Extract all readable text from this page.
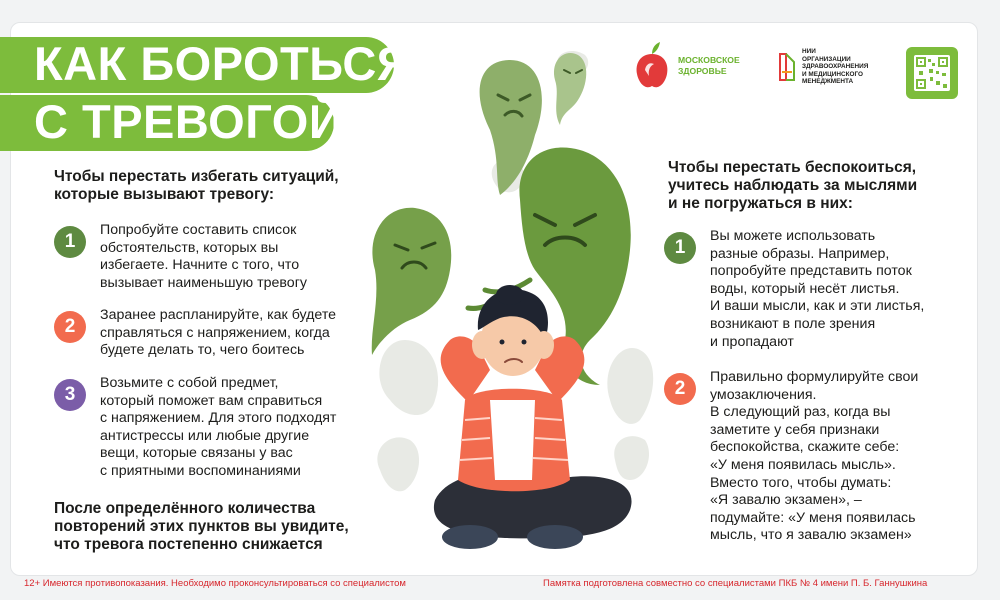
КАК БОРОТЬСЯ
С ТРЕВОГОЙ
МОСКОВСКОЕ
ЗДОРОВЬЕ
НИИ
ОРГАНИЗАЦИИ
ЗДРАВООХРАНЕНИЯ
И МЕДИЦИНСКОГО
МЕНЕДЖМЕНТА
Чтобы перестать избегать ситуаций,
которые вызывают тревогу:
1
Попробуйте составить список
обстоятельств, которых вы
избегаете. Начните с того, что
вызывает наименьшую тревогу
2
Заранее распланируйте, как будете
справляться с напряжением, когда
будете делать то, чего боитесь
3
Возьмите с собой предмет,
который поможет вам справиться
с напряжением. Для этого подходят
антистрессы или любые другие
вещи, которые связаны у вас
с приятными воспоминаниями
После определённого количества
повторений этих пунктов вы увидите,
что тревога постепенно снижается
Чтобы перестать беспокоиться,
учитесь наблюдать за мыслями
и не погружаться в них:
1
Вы можете использовать
разные образы. Например,
попробуйте представить поток
воды, который несёт листья.
И ваши мысли, как и эти листья,
возникают в поле зрения
и пропадают
2
Правильно формулируйте свои
умозаключения.
В следующий раз, когда вы
заметите у себя признаки
беспокойства, скажите себе:
«У меня появилась мысль».
Вместо того, чтобы думать:
«Я завалю экзамен», –
подумайте: «У меня появилась
мысль, что я завалю экзамен»
12+ Имеются противопоказания. Необходимо проконсультироваться со специалистом	Памятка подготовлена совместно со специалистами ПКБ № 4 имени П. Б. Ганнушкина
